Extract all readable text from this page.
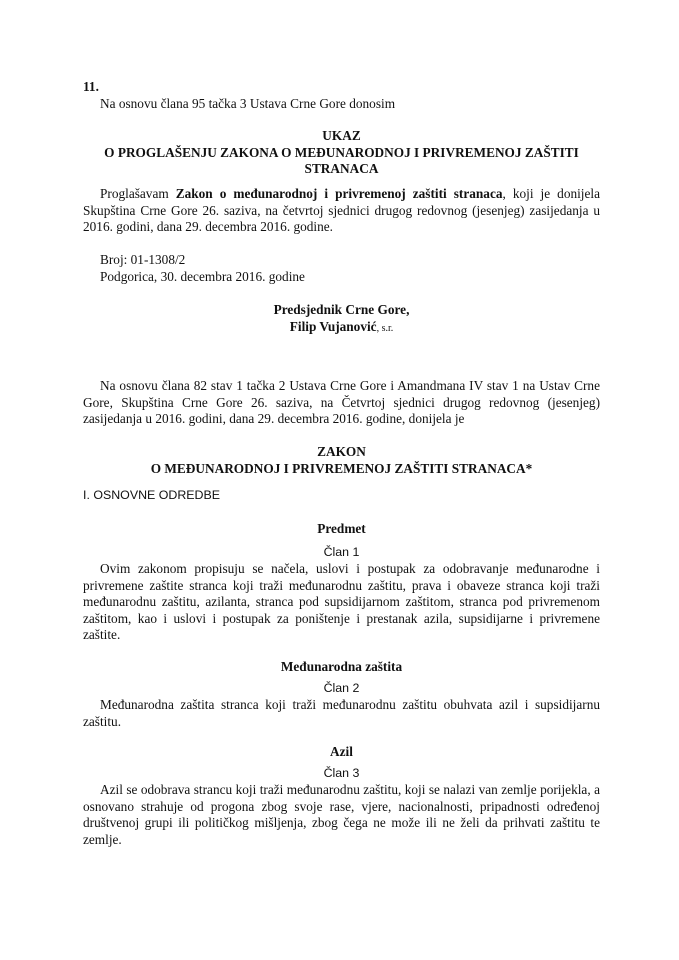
11.

Na osnovu člana 95 tačka 3 Ustava Crne Gore donosim

UKAZ

O PROGLAŠENJU ZAKONA O MEĐUNARODNOJ I PRIVREMENOJ ZAŠTITI

STRANACA

Proglašavam Zakon o međunarodnoj i privremenoj zaštiti stranaca, koji je donijela Skupština Crne Gore 26. saziva, na četvrtoj sjednici drugog redovnog (jesenjeg) zasijedanja u 2016. godini, dana 29. decembra 2016. godine.

Broj: 01-1308/2

Podgorica, 30. decembra 2016. godine

Predsjednik Crne Gore,

Filip Vujanović, s.r.

Na osnovu člana 82 stav 1 tačka 2 Ustava Crne Gore i Amandmana IV stav 1 na Ustav Crne Gore, Skupština Crne Gore 26. saziva, na Četvrtoj sjednici drugog redovnog (jesenjeg) zasijedanja u 2016. godini, dana 29. decembra 2016. godine, donijela je

ZAKON

O MEĐUNARODNOJ I PRIVREMENOJ ZAŠTITI STRANACA*

I. OSNOVNE ODREDBE

Predmet

Član 1

Ovim zakonom propisuju se načela, uslovi i postupak za odobravanje međunarodne i privremene zaštite stranca koji traži međunarodnu zaštitu, prava i obaveze stranca koji traži međunarodnu zaštitu, azilanta, stranca pod supsidijarnom zaštitom, stranca pod privremenom zaštitom, kao i uslovi i postupak za poništenje i prestanak azila, supsidijarne i privremene zaštite.

Međunarodna zaštita

Član 2

Međunarodna zaštita stranca koji traži međunarodnu zaštitu obuhvata azil i supsidijarnu zaštitu.

Azil

Član 3

Azil se odobrava strancu koji traži međunarodnu zaštitu, koji se nalazi van zemlje porijekla, a osnovano strahuje od progona zbog svoje rase, vjere, nacionalnosti, pripadnosti određenoj društvenoj grupi ili političkog mišljenja, zbog čega ne može ili ne želi da prihvati zaštitu te zemlje.
